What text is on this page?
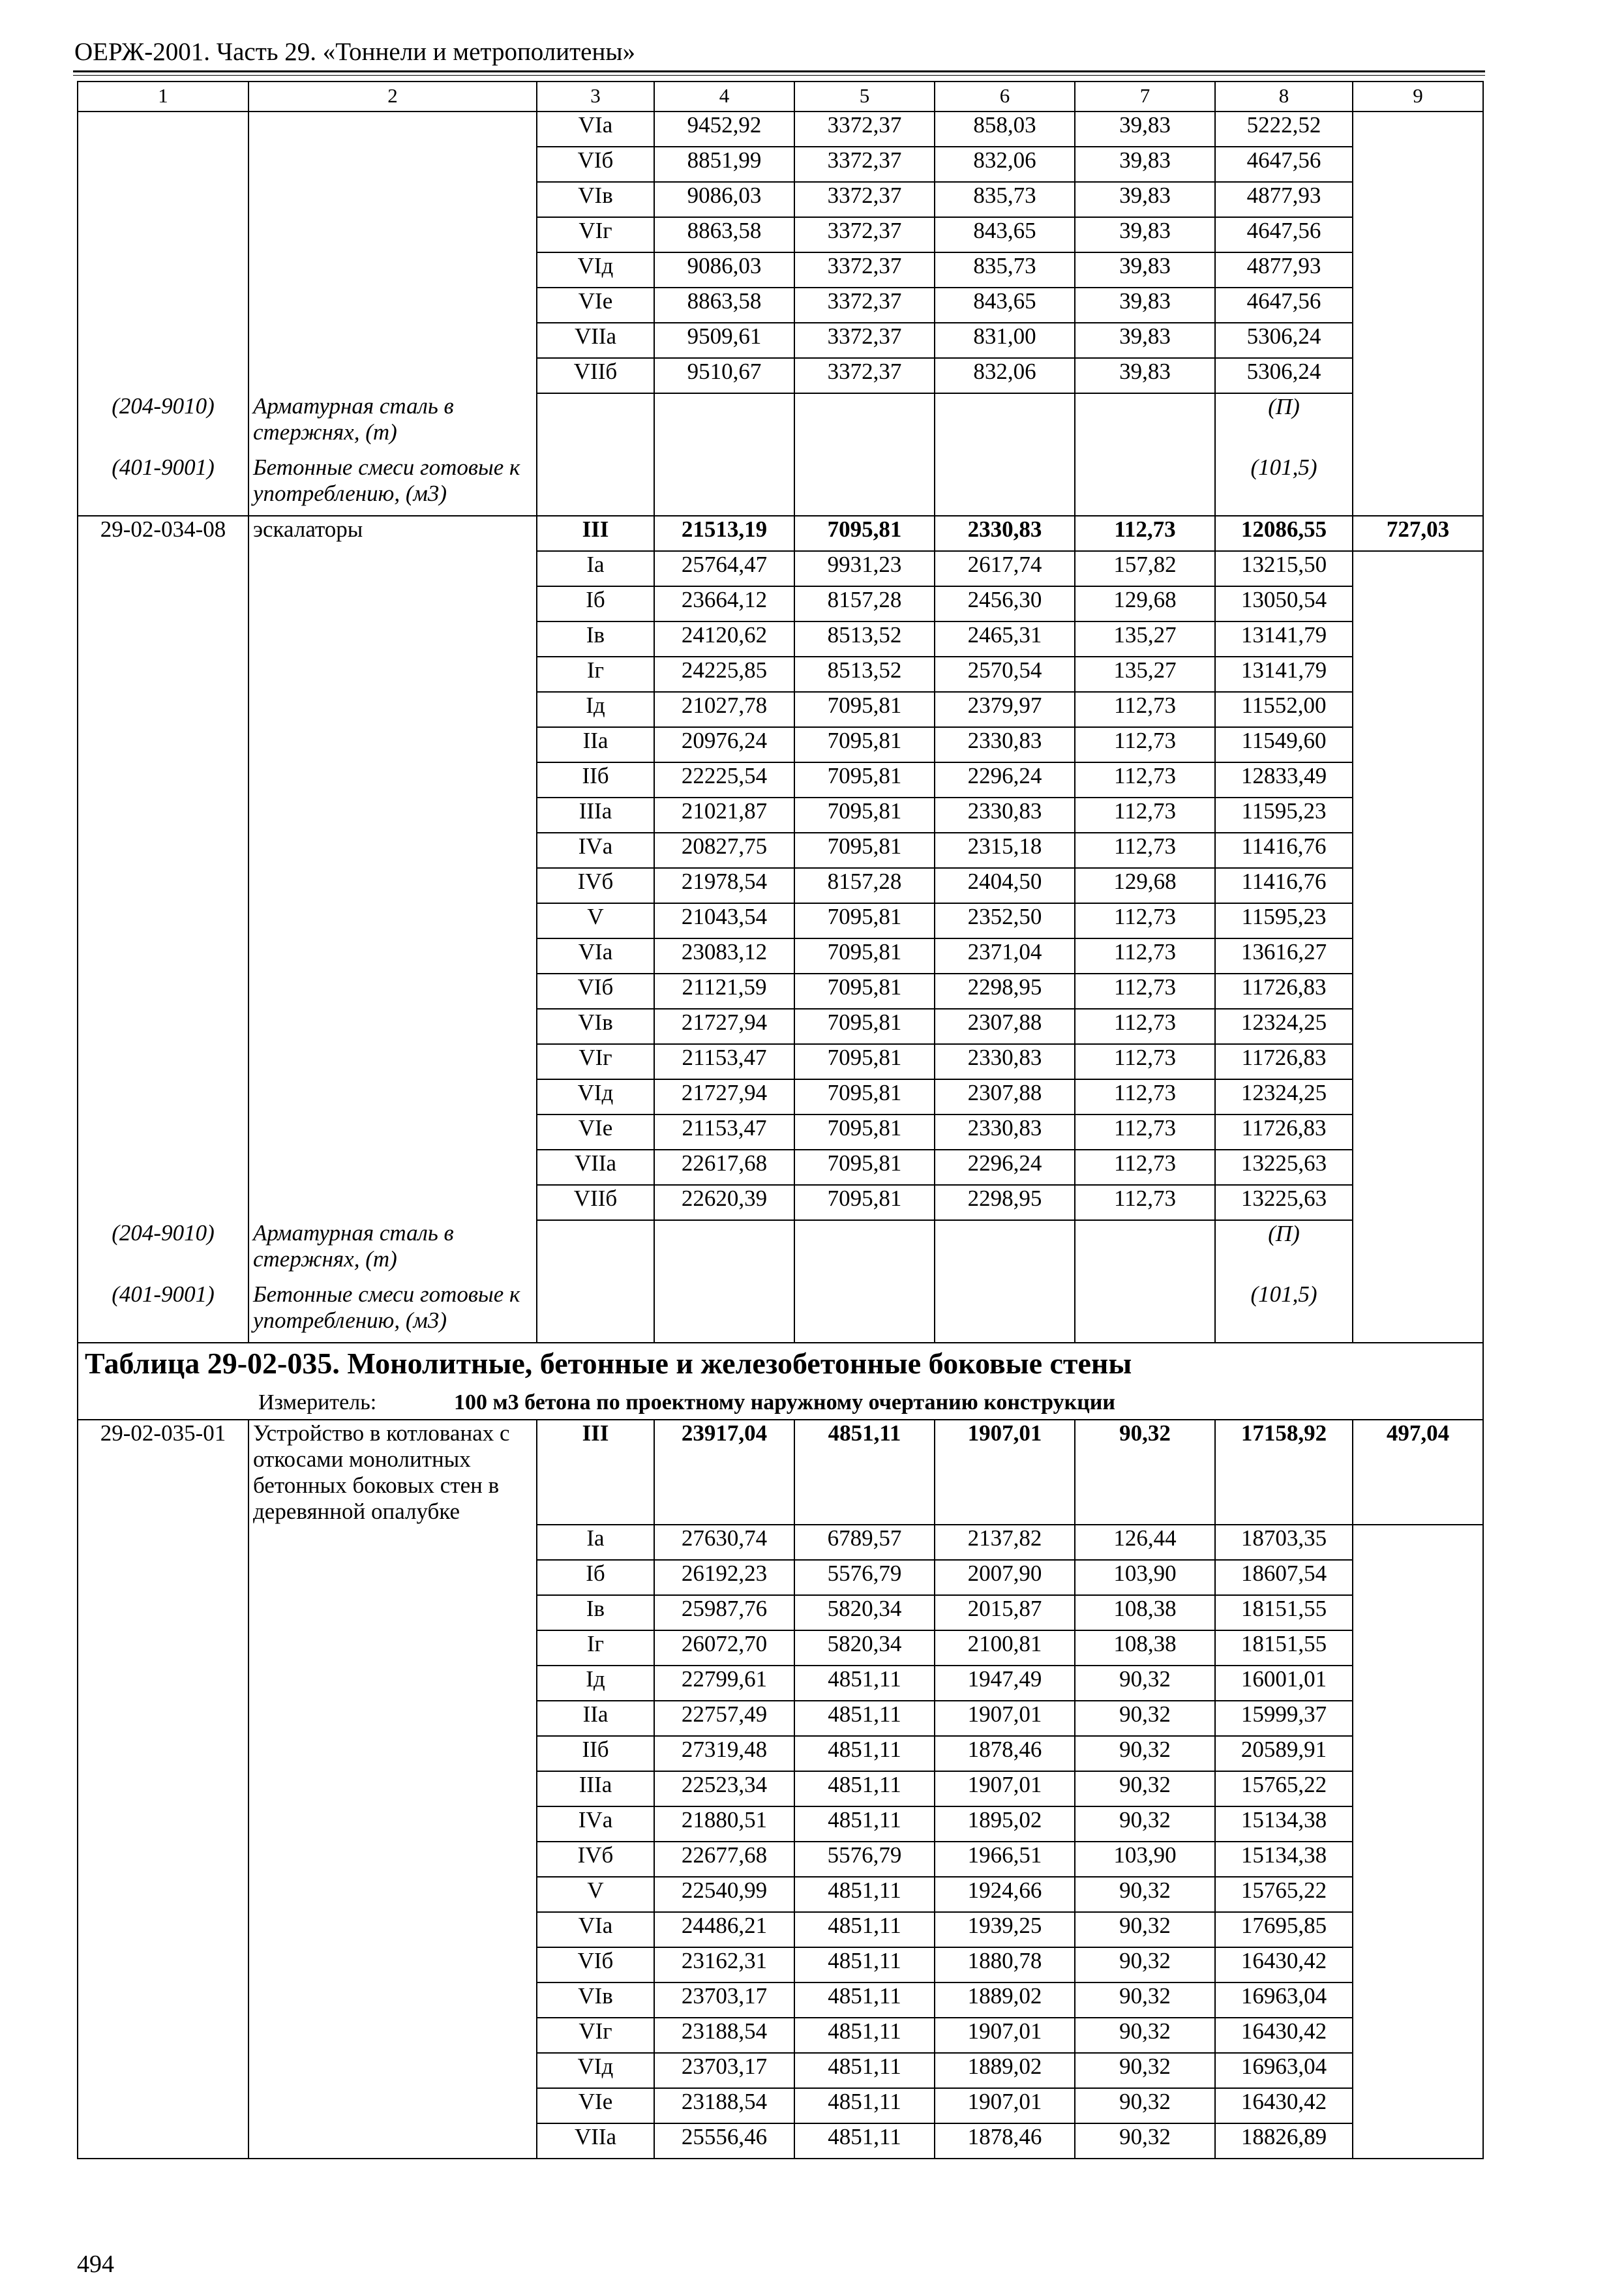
ОЕРЖ-2001. Часть 29. «Тоннели и метрополитены»
1	2	3	4	5	6	7	8	9
		VIа	9452,92	3372,37	858,03	39,83	5222,52	
		VIб	8851,99	3372,37	832,06	39,83	4647,56	
		VIв	9086,03	3372,37	835,73	39,83	4877,93	
		VIг	8863,58	3372,37	843,65	39,83	4647,56	
		VIд	9086,03	3372,37	835,73	39,83	4877,93	
		VIе	8863,58	3372,37	843,65	39,83	4647,56	
		VIIа	9509,61	3372,37	831,00	39,83	5306,24	
		VIIб	9510,67	3372,37	832,06	39,83	5306,24	
(204-9010)	Арматурная сталь в стержнях, (т)						(П)	
(401-9001)	Бетонные смеси готовые к употреблению, (м3)						(101,5)	
29-02-034-08	эскалаторы	III	21513,19	7095,81	2330,83	112,73	12086,55	727,03
		Iа	25764,47	9931,23	2617,74	157,82	13215,50	
		Iб	23664,12	8157,28	2456,30	129,68	13050,54	
		Iв	24120,62	8513,52	2465,31	135,27	13141,79	
		Iг	24225,85	8513,52	2570,54	135,27	13141,79	
		Iд	21027,78	7095,81	2379,97	112,73	11552,00	
		IIа	20976,24	7095,81	2330,83	112,73	11549,60	
		IIб	22225,54	7095,81	2296,24	112,73	12833,49	
		IIIа	21021,87	7095,81	2330,83	112,73	11595,23	
		IVа	20827,75	7095,81	2315,18	112,73	11416,76	
		IVб	21978,54	8157,28	2404,50	129,68	11416,76	
		V	21043,54	7095,81	2352,50	112,73	11595,23	
		VIа	23083,12	7095,81	2371,04	112,73	13616,27	
		VIб	21121,59	7095,81	2298,95	112,73	11726,83	
		VIв	21727,94	7095,81	2307,88	112,73	12324,25	
		VIг	21153,47	7095,81	2330,83	112,73	11726,83	
		VIд	21727,94	7095,81	2307,88	112,73	12324,25	
		VIе	21153,47	7095,81	2330,83	112,73	11726,83	
		VIIа	22617,68	7095,81	2296,24	112,73	13225,63	
		VIIб	22620,39	7095,81	2298,95	112,73	13225,63	
(204-9010)	Арматурная сталь в стержнях, (т)						(П)	
(401-9001)	Бетонные смеси готовые к употреблению, (м3)						(101,5)	
Таблица 29-02-035. Монолитные, бетонные и железобетонные боковые стены								
Измеритель: 100 м3 бетона по проектному наружному очертанию конструкции								
29-02-035-01	Устройство в котлованах с откосами монолитных бетонных боковых стен в деревянной опалубке	III	23917,04	4851,11	1907,01	90,32	17158,92	497,04
		Iа	27630,74	6789,57	2137,82	126,44	18703,35	
		Iб	26192,23	5576,79	2007,90	103,90	18607,54	
		Iв	25987,76	5820,34	2015,87	108,38	18151,55	
		Iг	26072,70	5820,34	2100,81	108,38	18151,55	
		Iд	22799,61	4851,11	1947,49	90,32	16001,01	
		IIа	22757,49	4851,11	1907,01	90,32	15999,37	
		IIб	27319,48	4851,11	1878,46	90,32	20589,91	
		IIIа	22523,34	4851,11	1907,01	90,32	15765,22	
		IVа	21880,51	4851,11	1895,02	90,32	15134,38	
		IVб	22677,68	5576,79	1966,51	103,90	15134,38	
		V	22540,99	4851,11	1924,66	90,32	15765,22	
		VIа	24486,21	4851,11	1939,25	90,32	17695,85	
		VIб	23162,31	4851,11	1880,78	90,32	16430,42	
		VIв	23703,17	4851,11	1889,02	90,32	16963,04	
		VIг	23188,54	4851,11	1907,01	90,32	16430,42	
		VIд	23703,17	4851,11	1889,02	90,32	16963,04	
		VIе	23188,54	4851,11	1907,01	90,32	16430,42	
		VIIа	25556,46	4851,11	1878,46	90,32	18826,89	
494
